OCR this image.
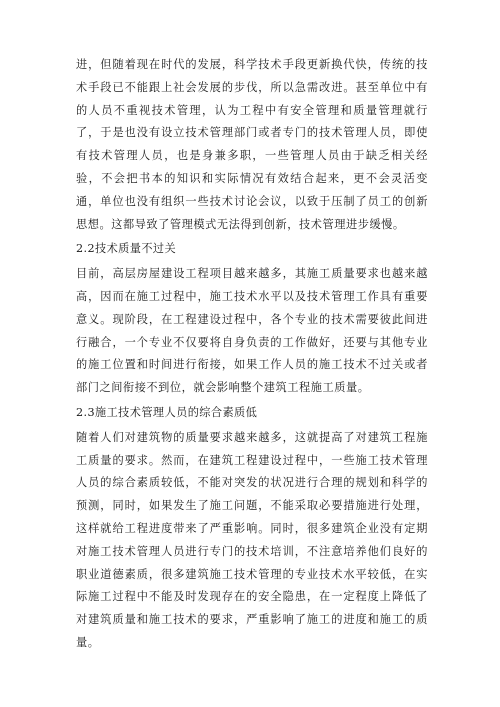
进，但随着现在时代的发展，科学技术手段更新换代快，传统的技术手段已不能跟上社会发展的步伐，所以急需改进。甚至单位中有的人员不重视技术管理，认为工程中有安全管理和质量管理就行了，于是也没有设立技术管理部门或者专门的技术管理人员，即使有技术管理人员，也是身兼多职，一些管理人员由于缺乏相关经验，不会把书本的知识和实际情况有效结合起来，更不会灵活变通，单位也没有组织一些技术讨论会议，以致于压制了员工的创新思想。这都导致了管理模式无法得到创新，技术管理进步缓慢。

2.2技术质量不过关

目前，高层房屋建设工程项目越来越多，其施工质量要求也越来越高，因而在施工过程中，施工技术水平以及技术管理工作具有重要意义。现阶段，在工程建设过程中，各个专业的技术需要彼此间进行融合，一个专业不仅要将自身负责的工作做好，还要与其他专业的施工位置和时间进行衔接，如果工作人员的施工技术不过关或者部门之间衔接不到位，就会影响整个建筑工程施工质量。

2.3施工技术管理人员的综合素质低

随着人们对建筑物的质量要求越来越多，这就提高了对建筑工程施工质量的要求。然而，在建筑工程建设过程中，一些施工技术管理人员的综合素质较低，不能对突发的状况进行合理的规划和科学的预测，同时，如果发生了施工问题，不能采取必要措施进行处理，这样就给工程进度带来了严重影响。同时，很多建筑企业没有定期对施工技术管理人员进行专门的技术培训，不注意培养他们良好的职业道德素质，很多建筑施工技术管理的专业技术水平较低，在实际施工过程中不能及时发现存在的安全隐患，在一定程度上降低了对建筑质量和施工技术的要求，严重影响了施工的进度和施工的质量。
